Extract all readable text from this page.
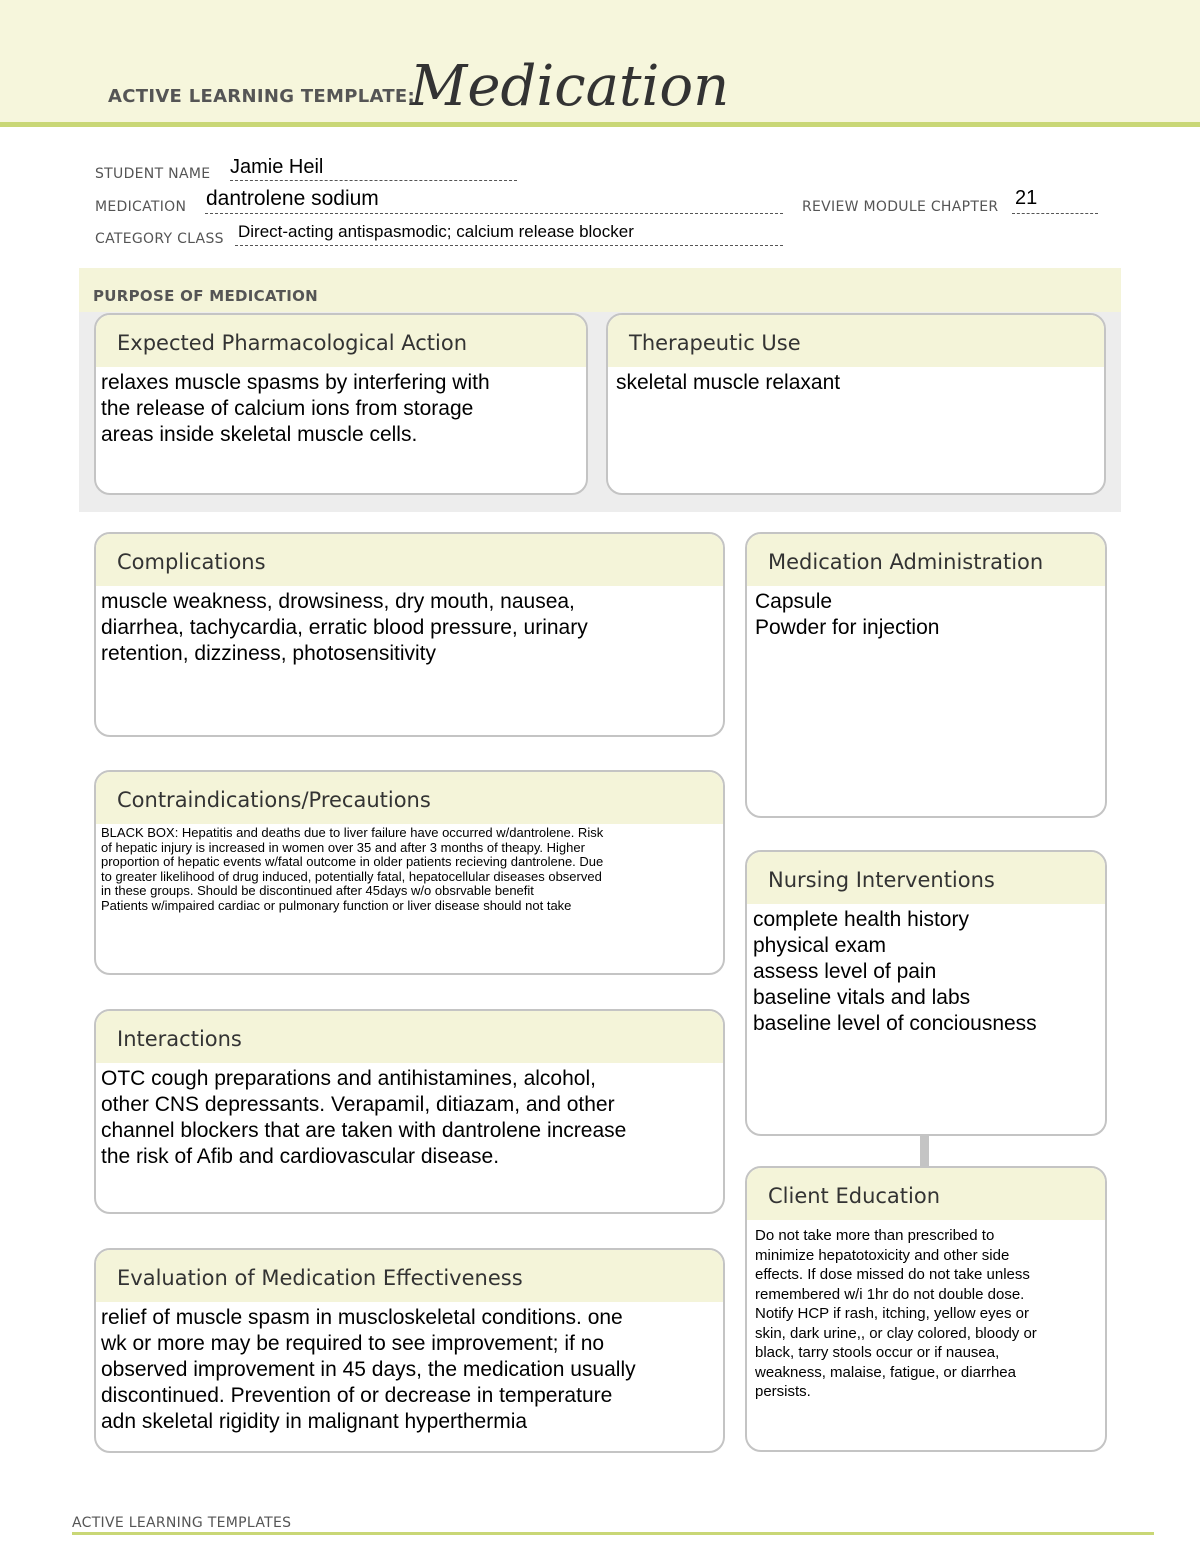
ACTIVE LEARNING TEMPLATE:
Medication
STUDENT NAME Jamie Heil
MEDICATION dantrolene sodium	REVIEW MODULE CHAPTER 21
CATEGORY CLASS Direct-acting antispasmodic; calcium release blocker
PURPOSE OF MEDICATION
Expected Pharmacological Action
relaxes muscle spasms by interfering with
the release of calcium ions from storage
areas inside skeletal muscle cells.
Therapeutic Use
skeletal muscle relaxant
Complications
muscle weakness, drowsiness, dry mouth, nausea,
diarrhea, tachycardia, erratic blood pressure, urinary
retention, dizziness, photosensitivity
Medication Administration
Capsule
Powder for injection
Contraindications/Precautions
BLACK BOX: Hepatitis and deaths due to liver failure have occurred w/dantrolene. Risk
of hepatic injury is increased in women over 35 and after 3 months of theapy. Higher
proportion of hepatic events w/fatal outcome in older patients recieving dantrolene. Due
to greater likelihood of drug induced, potentially fatal, hepatocellular diseases observed
in these groups. Should be discontinued after 45days w/o obsrvable benefit
Patients w/impaired cardiac or pulmonary function or liver disease should not take
Nursing Interventions
complete health history
physical exam
assess level of pain
baseline vitals and labs
baseline level of conciousness
Interactions
OTC cough preparations and antihistamines, alcohol,
other CNS depressants. Verapamil, ditiazam, and other
channel blockers that are taken with dantrolene increase
the risk of Afib and cardiovascular disease.
Client Education
Do not take more than prescribed to
minimize hepatotoxicity and other side
effects. If dose missed do not take unless
remembered w/i 1hr do not double dose.
Notify HCP if rash, itching, yellow eyes or
skin, dark urine,, or clay colored, bloody or
black, tarry stools occur or if nausea,
weakness, malaise, fatigue, or diarrhea
persists.
Evaluation of Medication Effectiveness
relief of muscle spasm in muscloskeletal conditions. one
wk or more may be required to see improvement; if no
observed improvement in 45 days, the medication usually
discontinued. Prevention of or decrease in temperature
adn skeletal rigidity in malignant hyperthermia
ACTIVE LEARNING TEMPLATES
